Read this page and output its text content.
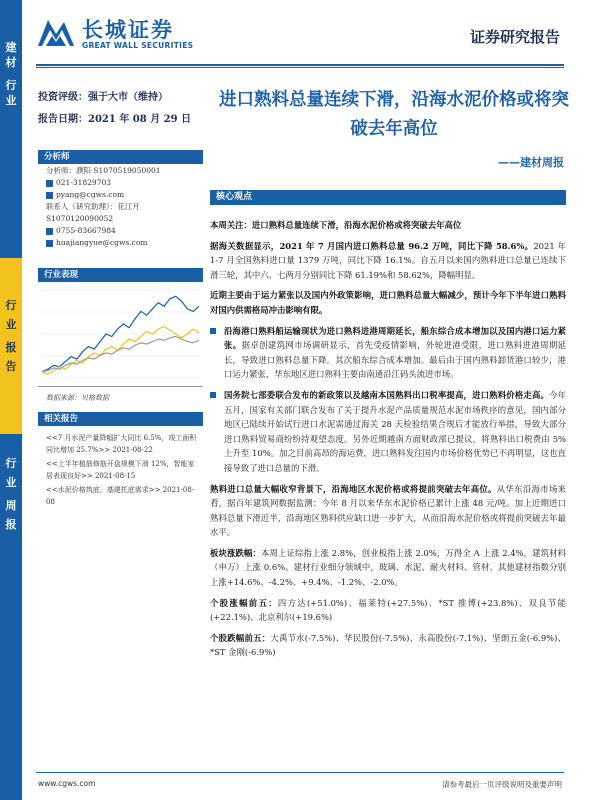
建
材
行
业
行
业
报
告
行
业
周
报
长城证券
GREAT WALL SECURITIES	证券研究报告
投资评级：强于大市（维持）
报告日期：2021 年 08 月 29 日
分析师
分析师：濮阳 S1070519050001
021-31829703
pyang@cgws.com
联系人（研究助理）：花江月
S1070120090052
0755-83667984
huajiangyue@cgws.com
行业表现
数据来源：贝格数据
相关报告
<<7 月水泥产量降幅扩大同比 6.5%，竣工面积同比增加 25.7%>> 2021-08-22
<<上半年植筋修筋开盘规模下滑 12%，智能家居表现良好>> 2021-08-15
<<水泥价格筑底，基建托底需求>> 2021-08-08
进口熟料总量连续下滑，沿海水泥价格或将突破去年高位
——建材周报
核心观点

本周关注：进口熟料总量连续下滑，沿海水泥价格或将突破去年高位

据海关数据显示，2021 年 7 月国内进口熟料总量 96.2 万吨，同比下降 58.6%。2021 年 1-7 月全国熟料进口量 1379 万吨，同比下降 16.1%。自五月以来国内熟料进口总量已连续下滑三轮，其中六、七两月分别同比下降 61.19%和 58.62%，降幅明显。

近期主要由于运力紧张以及国内外政策影响，进口熟料总量大幅减少，预计今年下半年进口熟料对国内供需格局冲击影响有限。

沿海港口熟料船运输现状为进口熟料进港周期延长，船东综合成本增加以及国内港口运力紧张。据卓创建筑网市场调研显示，首先受疫情影响，外轮进港受限，进口熟料进港周期延长，导致进口熟料总量下降。其次船东综合成本增加。最后由于国内熟料卸货港口较少，港口运力紧张，华东地区进口熟料主要由南通沿江码头流进市场。

国务院七部委联合发布的新政策以及越南本国熟料出口税率提高，进口熟料价格走高。今年五月，国家有关部门联合发布了关于提升水泥产品质量规范水泥市场秩序的意见，国内部分地区已陆续开始试行进口水泥需通过海关 28 天检验结果合规后才能放行举措，导致大部分进口熟料贸易商纷纷持观望态度。另外近期越南方面财政部已提议，将熟料出口税费由 5%上升至 10%。加之目前高昂的海运费，进口熟料发往国内市场价格优势已不再明显，这也直接导致了进口总量的下滑。

熟料进口总量大幅收窄背景下，沿海地区水泥价格或将提前突破去年高位。从华东沿海市场来看，据百年建筑网数据监测：今年 8 月以来华东水泥价格已累计上涨 48 元/吨。加上近期进口熟料总量下滑近半，沿海地区熟料供应缺口进一步扩大，从而沿海水泥价格或将提前突破去年最水平。

板块涨跌幅：本周上证综指上涨 2.8%，创业板指上涨 2.0%，万得全 A 上涨 2.4%，建筑材料（申万）上涨 0.6%。建材行业细分领域中，玻璃、水泥、耐火材料、管材、其他建材指数分别上涨+14.6%、-4.2%、+9.4%、-1.2%、-2.0%。

个股涨幅前五：四方达(+51.0%)、福莱特(+27.5%)、*ST 推博(+23.8%)、双良节能(+22.1%)、北京利尔(+19.6%)

个股跌幅前五：大禹节水(-7.5%)、华民股份(-7.5%)、永高股份(-7.1%)、坚朗五金(-6.9%)、*ST 金刚(-6.9%)

www.cgws.com	请参考最后一页评级说明及重要声明
